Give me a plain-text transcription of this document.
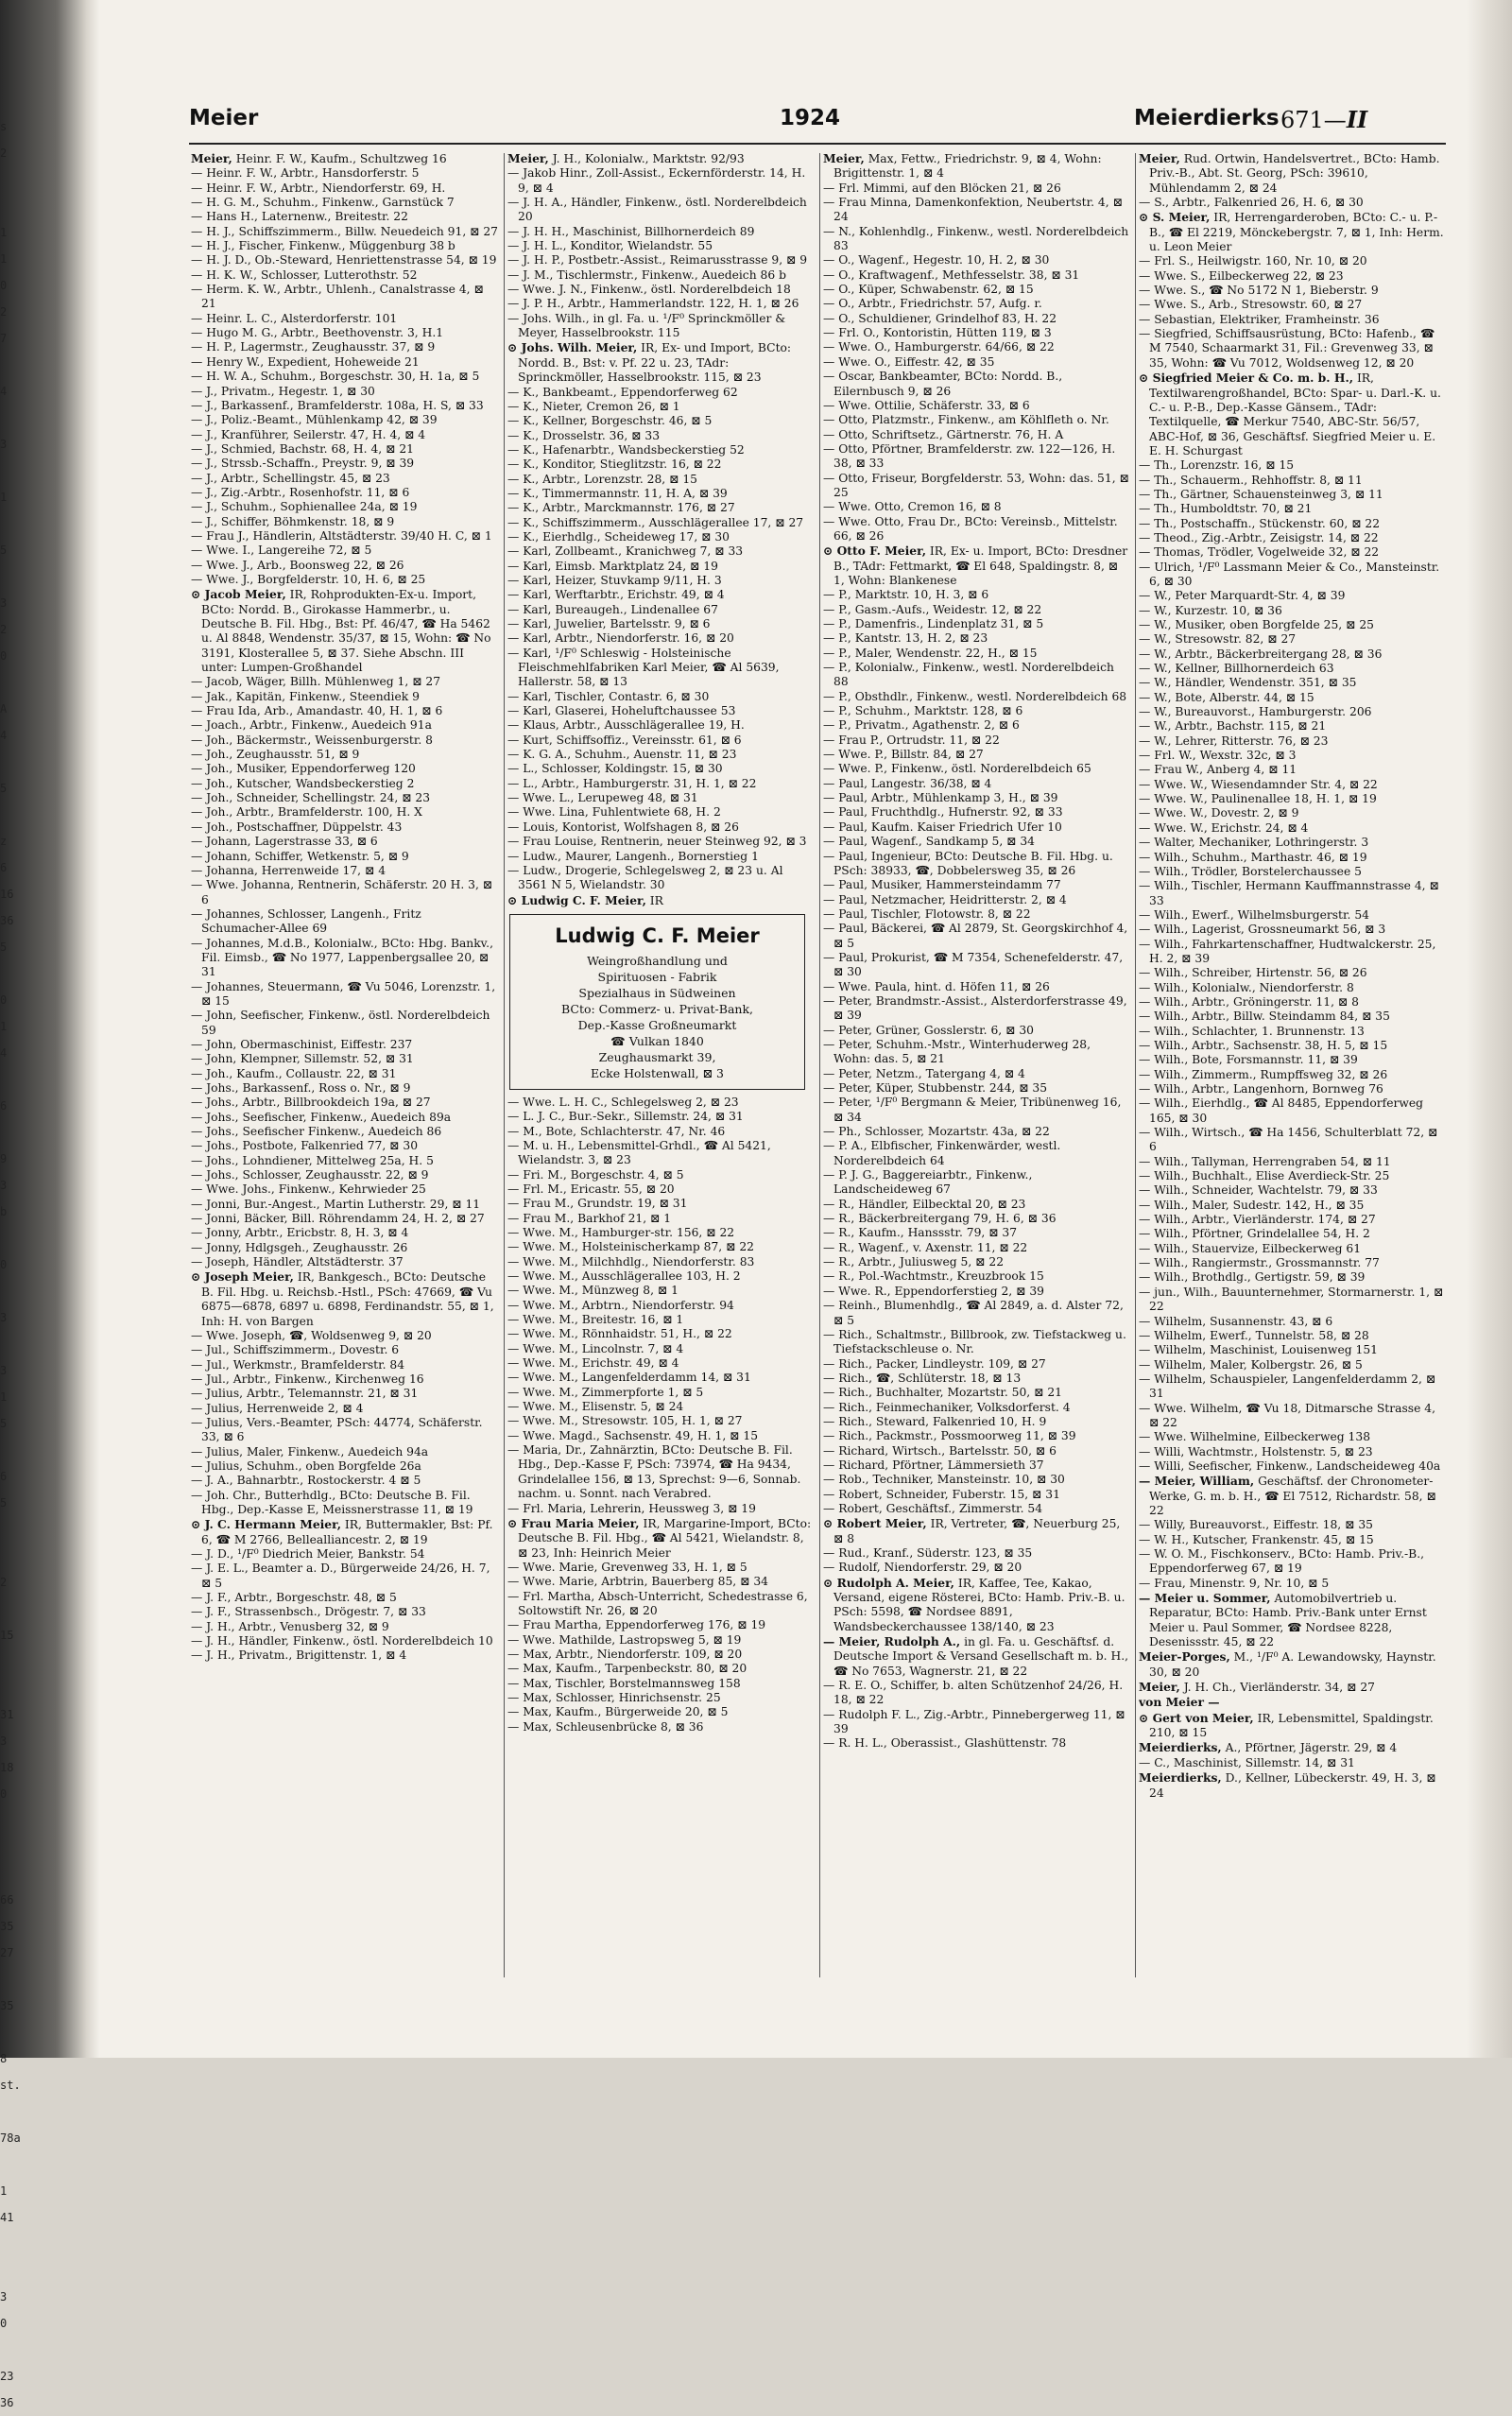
s
2

1
1
0
2
7

4

3

1

5

3
2
0

A
4

5

z
6
16
36
5

0
1
4

6

9
3
b

0

3

3
1
5

6
5

2

15

31
3
18
0

66
35
27

35

8
st.

78a

1
41

3
0

23
36
Meier	1924	Meierdierks 671—II

Meier, Heinr. F. W., Kaufm., Schultzweg 16

— Heinr. F. W., Arbtr., Hansdorferstr. 5

— Heinr. F. W., Arbtr., Niendorferstr. 69, H.

— H. G. M., Schuhm., Finkenw., Garnstück 7

— Hans H., Laternenw., Breitestr. 22

— H. J., Schiffszimmerm., Billw. Neuedeich 91, ⊠ 27

— H. J., Fischer, Finkenw., Müggenburg 38 b

— H. J. D., Ob.-Steward, Henriettenstrasse 54, ⊠ 19

— H. K. W., Schlosser, Lutterothstr. 52

— Herm. K. W., Arbtr., Uhlenh., Canalstrasse 4, ⊠ 21

— Heinr. L. C., Alsterdorferstr. 101

— Hugo M. G., Arbtr., Beethovenstr. 3, H.1

— H. P., Lagermstr., Zeughausstr. 37, ⊠ 9

— Henry W., Expedient, Hoheweide 21

— H. W. A., Schuhm., Borgeschstr. 30, H. 1a, ⊠ 5

— J., Privatm., Hegestr. 1, ⊠ 30

— J., Barkassenf., Bramfelderstr. 108a, H. S, ⊠ 33

— J., Poliz.-Beamt., Mühlenkamp 42, ⊠ 39

— J., Kranführer, Seilerstr. 47, H. 4, ⊠ 4

— J., Schmied, Bachstr. 68, H. 4, ⊠ 21

— J., Strssb.-Schaffn., Preystr. 9, ⊠ 39

— J., Arbtr., Schellingstr. 45, ⊠ 23

— J., Zig.-Arbtr., Rosenhofstr. 11, ⊠ 6

— J., Schuhm., Sophienallee 24a, ⊠ 19

— J., Schiffer, Böhmkenstr. 18, ⊠ 9

— Frau J., Händlerin, Altstädterstr. 39/40 H. C, ⊠ 1

— Wwe. I., Langereihe 72, ⊠ 5

— Wwe. J., Arb., Boonsweg 22, ⊠ 26

— Wwe. J., Borgfelderstr. 10, H. 6, ⊠ 25

⊙ Jacob Meier, IR, Rohprodukten-Ex-u. Import, BCto: Nordd. B., Girokasse Hammerbr., u. Deutsche B. Fil. Hbg., Bst: Pf. 46/47, ☎ Ha 5462 u. Al 8848, Wendenstr. 35/37, ⊠ 15, Wohn: ☎ No 3191, Klosterallee 5, ⊠ 37. Siehe Abschn. III unter: Lumpen-Großhandel

— Jacob, Wäger, Billh. Mühlenweg 1, ⊠ 27

— Jak., Kapitän, Finkenw., Steendiek 9

— Frau Ida, Arb., Amandastr. 40, H. 1, ⊠ 6

— Joach., Arbtr., Finkenw., Auedeich 91a

— Joh., Bäckermstr., Weissenburgerstr. 8

— Joh., Zeughausstr. 51, ⊠ 9

— Joh., Musiker, Eppendorferweg 120

— Joh., Kutscher, Wandsbeckerstieg 2

— Joh., Schneider, Schellingstr. 24, ⊠ 23

— Joh., Arbtr., Bramfelderstr. 100, H. X

— Joh., Postschaffner, Düppelstr. 43

— Johann, Lagerstrasse 33, ⊠ 6

— Johann, Schiffer, Wetkenstr. 5, ⊠ 9

— Johanna, Herrenweide 17, ⊠ 4

— Wwe. Johanna, Rentnerin, Schäferstr. 20 H. 3, ⊠ 6

— Johannes, Schlosser, Langenh., Fritz Schumacher-Allee 69

— Johannes, M.d.B., Kolonialw., BCto: Hbg. Bankv., Fil. Eimsb., ☎ No 1977, Lappenbergsallee 20, ⊠ 31

— Johannes, Steuermann, ☎ Vu 5046, Lorenzstr. 1, ⊠ 15

— John, Seefischer, Finkenw., östl. Norderelbdeich 59

— John, Obermaschinist, Eiffestr. 237

— John, Klempner, Sillemstr. 52, ⊠ 31

— Joh., Kaufm., Collaustr. 22, ⊠ 31

— Johs., Barkassenf., Ross o. Nr., ⊠ 9

— Johs., Arbtr., Billbrookdeich 19a, ⊠ 27

— Johs., Seefischer, Finkenw., Auedeich 89a

— Johs., Seefischer Finkenw., Auedeich 86

— Johs., Postbote, Falkenried 77, ⊠ 30

— Johs., Lohndiener, Mittelweg 25a, H. 5

— Johs., Schlosser, Zeughausstr. 22, ⊠ 9

— Wwe. Johs., Finkenw., Kehrwieder 25

— Jonni, Bur.-Angest., Martin Lutherstr. 29, ⊠ 11

— Jonni, Bäcker, Bill. Röhrendamm 24, H. 2, ⊠ 27

— Jonny, Arbtr., Ericbstr. 8, H. 3, ⊠ 4

— Jonny, Hdlgsgeh., Zeughausstr. 26

— Joseph, Händler, Altstädterstr. 37

⊙ Joseph Meier, IR, Bankgesch., BCto: Deutsche B. Fil. Hbg. u. Reichsb.-Hstl., PSch: 47669, ☎ Vu 6875—6878, 6897 u. 6898, Ferdinandstr. 55, ⊠ 1, Inh: H. von Bargen

— Wwe. Joseph, ☎, Woldsenweg 9, ⊠ 20

— Jul., Schiffszimmerm., Dovestr. 6

— Jul., Werkmstr., Bramfelderstr. 84

— Jul., Arbtr., Finkenw., Kirchenweg 16

— Julius, Arbtr., Telemannstr. 21, ⊠ 31

— Julius, Herrenweide 2, ⊠ 4

— Julius, Vers.-Beamter, PSch: 44774, Schäferstr. 33, ⊠ 6

— Julius, Maler, Finkenw., Auedeich 94a

— Julius, Schuhm., oben Borgfelde 26a

— J. A., Bahnarbtr., Rostockerstr. 4 ⊠ 5

— Joh. Chr., Butterhdlg., BCto: Deutsche B. Fil. Hbg., Dep.-Kasse E, Meissnerstrasse 11, ⊠ 19

⊙ J. C. Hermann Meier, IR, Buttermakler, Bst: Pf. 6, ☎ M 2766, Bellealliancestr. 2, ⊠ 19

— J. D., ¹/F⁰ Diedrich Meier, Bankstr. 54

— J. E. L., Beamter a. D., Bürgerweide 24/26, H. 7, ⊠ 5

— J. F., Arbtr., Borgeschstr. 48, ⊠ 5

— J. F., Strassenbsch., Drögestr. 7, ⊠ 33

— J. H., Arbtr., Venusberg 32, ⊠ 9

— J. H., Händler, Finkenw., östl. Norderelbdeich 10

— J. H., Privatm., Brigittenstr. 1, ⊠ 4

Meier, J. H., Kolonialw., Marktstr. 92/93

— Jakob Hinr., Zoll-Assist., Eckernförderstr. 14, H. 9, ⊠ 4

— J. H. A., Händler, Finkenw., östl. Norderelbdeich 20

— J. H. H., Maschinist, Billhornerdeich 89

— J. H. L., Konditor, Wielandstr. 55

— J. H. P., Postbetr.-Assist., Reimarusstrasse 9, ⊠ 9

— J. M., Tischlermstr., Finkenw., Auedeich 86 b

— Wwe. J. N., Finkenw., östl. Norderelbdeich 18

— J. P. H., Arbtr., Hammerlandstr. 122, H. 1, ⊠ 26

— Johs. Wilh., in gl. Fa. u. ¹/F⁰ Sprinckmöller & Meyer, Hasselbrookstr. 115

⊙ Johs. Wilh. Meier, IR, Ex- und Import, BCto: Nordd. B., Bst: v. Pf. 22 u. 23, TAdr: Sprinckmöller, Hasselbrookstr. 115, ⊠ 23

— K., Bankbeamt., Eppendorferweg 62

— K., Nieter, Cremon 26, ⊠ 1

— K., Kellner, Borgeschstr. 46, ⊠ 5

— K., Drosselstr. 36, ⊠ 33

— K., Hafenarbtr., Wandsbeckerstieg 52

— K., Konditor, Stieglitzstr. 16, ⊠ 22

— K., Arbtr., Lorenzstr. 28, ⊠ 15

— K., Timmermannstr. 11, H. A, ⊠ 39

— K., Arbtr., Marckmannstr. 176, ⊠ 27

— K., Schiffszimmerm., Ausschlägerallee 17, ⊠ 27

— K., Eierhdlg., Scheideweg 17, ⊠ 30

— Karl, Zollbeamt., Kranichweg 7, ⊠ 33

— Karl, Eimsb. Marktplatz 24, ⊠ 19

— Karl, Heizer, Stuvkamp 9/11, H. 3

— Karl, Werftarbtr., Erichstr. 49, ⊠ 4

— Karl, Bureaugeh., Lindenallee 67

— Karl, Juwelier, Bartelsstr. 9, ⊠ 6

— Karl, Arbtr., Niendorferstr. 16, ⊠ 20

— Karl, ¹/F⁰ Schleswig - Holsteinische Fleischmehlfabriken Karl Meier, ☎ Al 5639, Hallerstr. 58, ⊠ 13

— Karl, Tischler, Contastr. 6, ⊠ 30

— Karl, Glaserei, Hoheluftchaussee 53

— Klaus, Arbtr., Ausschlägerallee 19, H.

— Kurt, Schiffsoffiz., Vereinsstr. 61, ⊠ 6

— K. G. A., Schuhm., Auenstr. 11, ⊠ 23

— L., Schlosser, Koldingstr. 15, ⊠ 30

— L., Arbtr., Hamburgerstr. 31, H. 1, ⊠ 22

— Wwe. L., Lerupeweg 48, ⊠ 31

— Wwe. Lina, Fuhlentwiete 68, H. 2

— Louis, Kontorist, Wolfshagen 8, ⊠ 26

— Frau Louise, Rentnerin, neuer Steinweg 92, ⊠ 3

— Ludw., Maurer, Langenh., Bornerstieg 1

— Ludw., Drogerie, Schlegelsweg 2, ⊠ 23 u. Al 3561 N 5, Wielandstr. 30

⊙ Ludwig C. F. Meier, IR

Ludwig C. F. Meier
Weingroßhandlung und
Spirituosen - Fabrik
Spezialhaus in Südweinen
BCto: Commerz- u. Privat-Bank,
Dep.-Kasse Großneumarkt
☎ Vulkan 1840
Zeughausmarkt 39,
Ecke Holstenwall, ⊠ 3

— Wwe. L. H. C., Schlegelsweg 2, ⊠ 23

— L. J. C., Bur.-Sekr., Sillemstr. 24, ⊠ 31

— M., Bote, Schlachterstr. 47, Nr. 46

— M. u. H., Lebensmittel-Grhdl., ☎ Al 5421, Wielandstr. 3, ⊠ 23

— Fri. M., Borgeschstr. 4, ⊠ 5

— Frl. M., Ericastr. 55, ⊠ 20

— Frau M., Grundstr. 19, ⊠ 31

— Frau M., Barkhof 21, ⊠ 1

— Wwe. M., Hamburger-str. 156, ⊠ 22

— Wwe. M., Holsteinischerkamp 87, ⊠ 22

— Wwe. M., Milchhdlg., Niendorferstr. 83

— Wwe. M., Ausschlägerallee 103, H. 2

— Wwe. M., Münzweg 8, ⊠ 1

— Wwe. M., Arbtrn., Niendorferstr. 94

— Wwe. M., Breitestr. 16, ⊠ 1

— Wwe. M., Rönnhaidstr. 51, H., ⊠ 22

— Wwe. M., Lincolnstr. 7, ⊠ 4

— Wwe. M., Erichstr. 49, ⊠ 4

— Wwe. M., Langenfelderdamm 14, ⊠ 31

— Wwe. M., Zimmerpforte 1, ⊠ 5

— Wwe. M., Elisenstr. 5, ⊠ 24

— Wwe. M., Stresowstr. 105, H. 1, ⊠ 27

— Wwe. Magd., Sachsenstr. 49, H. 1, ⊠ 15

— Maria, Dr., Zahnärztin, BCto: Deutsche B. Fil. Hbg., Dep.-Kasse F, PSch: 73974, ☎ Ha 9434, Grindelallee 156, ⊠ 13, Sprechst: 9—6, Sonnab. nachm. u. Sonnt. nach Verabred.

— Frl. Maria, Lehrerin, Heussweg 3, ⊠ 19

⊙ Frau Maria Meier, IR, Margarine-Import, BCto: Deutsche B. Fil. Hbg., ☎ Al 5421, Wielandstr. 8, ⊠ 23, Inh: Heinrich Meier

— Wwe. Marie, Grevenweg 33, H. 1, ⊠ 5

— Wwe. Marie, Arbtrin, Bauerberg 85, ⊠ 34

— Frl. Martha, Absch-Unterricht, Schedestrasse 6, Soltowstift Nr. 26, ⊠ 20

— Frau Martha, Eppendorferweg 176, ⊠ 19

— Wwe. Mathilde, Lastropsweg 5, ⊠ 19

— Max, Arbtr., Niendorferstr. 109, ⊠ 20

— Max, Kaufm., Tarpenbeckstr. 80, ⊠ 20

— Max, Tischler, Borstelmannsweg 158

— Max, Schlosser, Hinrichsenstr. 25

— Max, Kaufm., Bürgerweide 20, ⊠ 5

— Max, Schleusenbrücke 8, ⊠ 36

Meier, Max, Fettw., Friedrichstr. 9, ⊠ 4, Wohn: Brigittenstr. 1, ⊠ 4

— Frl. Mimmi, auf den Blöcken 21, ⊠ 26

— Frau Minna, Damenkonfektion, Neubertstr. 4, ⊠ 24

— N., Kohlenhdlg., Finkenw., westl. Norderelbdeich 83

— O., Wagenf., Hegestr. 10, H. 2, ⊠ 30

— O., Kraftwagenf., Methfesselstr. 38, ⊠ 31

— O., Küper, Schwabenstr. 62, ⊠ 15

— O., Arbtr., Friedrichstr. 57, Aufg. r.

— O., Schuldiener, Grindelhof 83, H. 22

— Frl. O., Kontoristin, Hütten 119, ⊠ 3

— Wwe. O., Hamburgerstr. 64/66, ⊠ 22

— Wwe. O., Eiffestr. 42, ⊠ 35

— Oscar, Bankbeamter, BCto: Nordd. B., Eilernbusch 9, ⊠ 26

— Wwe. Ottilie, Schäferstr. 33, ⊠ 6

— Otto, Platzmstr., Finkenw., am Köhlfleth o. Nr.

— Otto, Schriftsetz., Gärtnerstr. 76, H. A

— Otto, Pförtner, Bramfelderstr. zw. 122—126, H. 38, ⊠ 33

— Otto, Friseur, Borgfelderstr. 53, Wohn: das. 51, ⊠ 25

— Wwe. Otto, Cremon 16, ⊠ 8

— Wwe. Otto, Frau Dr., BCto: Vereinsb., Mittelstr. 66, ⊠ 26

⊙ Otto F. Meier, IR, Ex- u. Import, BCto: Dresdner B., TAdr: Fettmarkt, ☎ El 648, Spaldingstr. 8, ⊠ 1, Wohn: Blankenese

— P., Marktstr. 10, H. 3, ⊠ 6

— P., Gasm.-Aufs., Weidestr. 12, ⊠ 22

— P., Damenfris., Lindenplatz 31, ⊠ 5

— P., Kantstr. 13, H. 2, ⊠ 23

— P., Maler, Wendenstr. 22, H., ⊠ 15

— P., Kolonialw., Finkenw., westl. Norderelbdeich 88

— P., Obsthdlr., Finkenw., westl. Norderelbdeich 68

— P., Schuhm., Marktstr. 128, ⊠ 6

— P., Privatm., Agathenstr. 2, ⊠ 6

— Frau P., Ortrudstr. 11, ⊠ 22

— Wwe. P., Billstr. 84, ⊠ 27

— Wwe. P., Finkenw., östl. Norderelbdeich 65

— Paul, Langestr. 36/38, ⊠ 4

— Paul, Arbtr., Mühlenkamp 3, H., ⊠ 39

— Paul, Fruchthdlg., Hufnerstr. 92, ⊠ 33

— Paul, Kaufm. Kaiser Friedrich Ufer 10

— Paul, Wagenf., Sandkamp 5, ⊠ 34

— Paul, Ingenieur, BCto: Deutsche B. Fil. Hbg. u. PSch: 38933, ☎, Dobbelersweg 35, ⊠ 26

— Paul, Musiker, Hammersteindamm 77

— Paul, Netzmacher, Heidritterstr. 2, ⊠ 4

— Paul, Tischler, Flotowstr. 8, ⊠ 22

— Paul, Bäckerei, ☎ Al 2879, St. Georgskirchhof 4, ⊠ 5

— Paul, Prokurist, ☎ M 7354, Schenefelderstr. 47, ⊠ 30

— Wwe. Paula, hint. d. Höfen 11, ⊠ 26

— Peter, Brandmstr.-Assist., Alsterdorferstrasse 49, ⊠ 39

— Peter, Grüner, Gosslerstr. 6, ⊠ 30

— Peter, Schuhm.-Mstr., Winterhuderweg 28, Wohn: das. 5, ⊠ 21

— Peter, Netzm., Tatergang 4, ⊠ 4

— Peter, Küper, Stubbenstr. 244, ⊠ 35

— Peter, ¹/F⁰ Bergmann & Meier, Tribünenweg 16, ⊠ 34

— Ph., Schlosser, Mozartstr. 43a, ⊠ 22

— P. A., Elbfischer, Finkenwärder, westl. Norderelbdeich 64

— P. J. G., Baggereiarbtr., Finkenw., Landscheideweg 67

— R., Händler, Eilbecktal 20, ⊠ 23

— R., Bäckerbreitergang 79, H. 6, ⊠ 36

— R., Kaufm., Hanssstr. 79, ⊠ 37

— R., Wagenf., v. Axenstr. 11, ⊠ 22

— R., Arbtr., Juliusweg 5, ⊠ 22

— R., Pol.-Wachtmstr., Kreuzbrook 15

— Wwe. R., Eppendorferstieg 2, ⊠ 39

— Reinh., Blumenhdlg., ☎ Al 2849, a. d. Alster 72, ⊠ 5

— Rich., Schaltmstr., Billbrook, zw. Tiefstackweg u. Tiefstackschleuse o. Nr.

— Rich., Packer, Lindleystr. 109, ⊠ 27

— Rich., ☎, Schlüterstr. 18, ⊠ 13

— Rich., Buchhalter, Mozartstr. 50, ⊠ 21

— Rich., Feinmechaniker, Volksdorferst. 4

— Rich., Steward, Falkenried 10, H. 9

— Rich., Packmstr., Possmoorweg 11, ⊠ 39

— Richard, Wirtsch., Bartelsstr. 50, ⊠ 6

— Richard, Pförtner, Lämmersieth 37

— Rob., Techniker, Mansteinstr. 10, ⊠ 30

— Robert, Schneider, Fuberstr. 15, ⊠ 31

— Robert, Geschäftsf., Zimmerstr. 54

⊙ Robert Meier, IR, Vertreter, ☎, Neuerburg 25, ⊠ 8

— Rud., Kranf., Süderstr. 123, ⊠ 35

— Rudolf, Niendorferstr. 29, ⊠ 20

⊙ Rudolph A. Meier, IR, Kaffee, Tee, Kakao, Versand, eigene Rösterei, BCto: Hamb. Priv.-B. u. PSch: 5598, ☎ Nordsee 8891, Wandsbeckerchaussee 138/140, ⊠ 23

— Meier, Rudolph A., in gl. Fa. u. Geschäftsf. d. Deutsche Import & Versand Gesellschaft m. b. H., ☎ No 7653, Wagnerstr. 21, ⊠ 22

— R. E. O., Schiffer, b. alten Schützenhof 24/26, H. 18, ⊠ 22

— Rudolph F. L., Zig.-Arbtr., Pinnebergerweg 11, ⊠ 39

— R. H. L., Oberassist., Glashüttenstr. 78

Meier, Rud. Ortwin, Handelsvertret., BCto: Hamb. Priv.-B., Abt. St. Georg, PSch: 39610, Mühlendamm 2, ⊠ 24

— S., Arbtr., Falkenried 26, H. 6, ⊠ 30

⊙ S. Meier, IR, Herrengarderoben, BCto: C.- u. P.-B., ☎ El 2219, Mönckebergstr. 7, ⊠ 1, Inh: Herm. u. Leon Meier

— Frl. S., Heilwigstr. 160, Nr. 10, ⊠ 20

— Wwe. S., Eilbeckerweg 22, ⊠ 23

— Wwe. S., ☎ No 5172 N 1, Bieberstr. 9

— Wwe. S., Arb., Stresowstr. 60, ⊠ 27

— Sebastian, Elektriker, Framheinstr. 36

— Siegfried, Schiffsausrüstung, BCto: Hafenb., ☎ M 7540, Schaarmarkt 31, Fil.: Grevenweg 33, ⊠ 35, Wohn: ☎ Vu 7012, Woldsenweg 12, ⊠ 20

⊙ Siegfried Meier & Co. m. b. H., IR, Textilwarengroßhandel, BCto: Spar- u. Darl.-K. u. C.- u. P.-B., Dep.-Kasse Gänsem., TAdr: Textilquelle, ☎ Merkur 7540, ABC-Str. 56/57, ABC-Hof, ⊠ 36, Geschäftsf. Siegfried Meier u. E. E. H. Schurgast

— Th., Lorenzstr. 16, ⊠ 15

— Th., Schauerm., Rehhoffstr. 8, ⊠ 11

— Th., Gärtner, Schauensteinweg 3, ⊠ 11

— Th., Humboldtstr. 70, ⊠ 21

— Th., Postschaffn., Stückenstr. 60, ⊠ 22

— Theod., Zig.-Arbtr., Zeisigstr. 14, ⊠ 22

— Thomas, Trödler, Vogelweide 32, ⊠ 22

— Ulrich, ¹/F⁰ Lassmann Meier & Co., Mansteinstr. 6, ⊠ 30

— W., Peter Marquardt-Str. 4, ⊠ 39

— W., Kurzestr. 10, ⊠ 36

— W., Musiker, oben Borgfelde 25, ⊠ 25

— W., Stresowstr. 82, ⊠ 27

— W., Arbtr., Bäckerbreitergang 28, ⊠ 36

— W., Kellner, Billhornerdeich 63

— W., Händler, Wendenstr. 351, ⊠ 35

— W., Bote, Alberstr. 44, ⊠ 15

— W., Bureauvorst., Hamburgerstr. 206

— W., Arbtr., Bachstr. 115, ⊠ 21

— W., Lehrer, Ritterstr. 76, ⊠ 23

— Frl. W., Wexstr. 32c, ⊠ 3

— Frau W., Anberg 4, ⊠ 11

— Wwe. W., Wiesendamnder Str. 4, ⊠ 22

— Wwe. W., Paulinenallee 18, H. 1, ⊠ 19

— Wwe. W., Dovestr. 2, ⊠ 9

— Wwe. W., Erichstr. 24, ⊠ 4

— Walter, Mechaniker, Lothringerstr. 3

— Wilh., Schuhm., Marthastr. 46, ⊠ 19

— Wilh., Trödler, Borstelerchaussee 5

— Wilh., Tischler, Hermann Kauffmannstrasse 4, ⊠ 33

— Wilh., Ewerf., Wilhelmsburgerstr. 54

— Wilh., Lagerist, Grossneumarkt 56, ⊠ 3

— Wilh., Fahrkartenschaffner, Hudtwalckerstr. 25, H. 2, ⊠ 39

— Wilh., Schreiber, Hirtenstr. 56, ⊠ 26

— Wilh., Kolonialw., Niendorferstr. 8

— Wilh., Arbtr., Gröningerstr. 11, ⊠ 8

— Wilh., Arbtr., Billw. Steindamm 84, ⊠ 35

— Wilh., Schlachter, 1. Brunnenstr. 13

— Wilh., Arbtr., Sachsenstr. 38, H. 5, ⊠ 15

— Wilh., Bote, Forsmannstr. 11, ⊠ 39

— Wilh., Zimmerm., Rumpffsweg 32, ⊠ 26

— Wilh., Arbtr., Langenhorn, Bornweg 76

— Wilh., Eierhdlg., ☎ Al 8485, Eppendorferweg 165, ⊠ 30

— Wilh., Wirtsch., ☎ Ha 1456, Schulterblatt 72, ⊠ 6

— Wilh., Tallyman, Herrengraben 54, ⊠ 11

— Wilh., Buchhalt., Elise Averdieck-Str. 25

— Wilh., Schneider, Wachtelstr. 79, ⊠ 33

— Wilh., Maler, Sudestr. 142, H., ⊠ 35

— Wilh., Arbtr., Vierländerstr. 174, ⊠ 27

— Wilh., Pförtner, Grindelallee 54, H. 2

— Wilh., Stauervize, Eilbeckerweg 61

— Wilh., Rangiermstr., Grossmannstr. 77

— Wilh., Brothdlg., Gertigstr. 59, ⊠ 39

— jun., Wilh., Bauunternehmer, Stormarnerstr. 1, ⊠ 22

— Wilhelm, Susannenstr. 43, ⊠ 6

— Wilhelm, Ewerf., Tunnelstr. 58, ⊠ 28

— Wilhelm, Maschinist, Louisenweg 151

— Wilhelm, Maler, Kolbergstr. 26, ⊠ 5

— Wilhelm, Schauspieler, Langenfelderdamm 2, ⊠ 31

— Wwe. Wilhelm, ☎ Vu 18, Ditmarsche Strasse 4, ⊠ 22

— Wwe. Wilhelmine, Eilbeckerweg 138

— Willi, Wachtmstr., Holstenstr. 5, ⊠ 23

— Willi, Seefischer, Finkenw., Landscheideweg 40a

— Meier, William, Geschäftsf. der Chronometer-Werke, G. m. b. H., ☎ El 7512, Richardstr. 58, ⊠ 22

— Willy, Bureauvorst., Eiffestr. 18, ⊠ 35

— W. H., Kutscher, Frankenstr. 45, ⊠ 15

— W. O. M., Fischkonserv., BCto: Hamb. Priv.-B., Eppendorferweg 67, ⊠ 19

— Frau, Minenstr. 9, Nr. 10, ⊠ 5

— Meier u. Sommer, Automobilvertrieb u. Reparatur, BCto: Hamb. Priv.-Bank unter Ernst Meier u. Paul Sommer, ☎ Nordsee 8228, Desenissstr. 45, ⊠ 22

Meier-Porges, M., ¹/F⁰ A. Lewandowsky, Haynstr. 30, ⊠ 20

Meier, J. H. Ch., Vierländerstr. 34, ⊠ 27

von Meier —

⊙ Gert von Meier, IR, Lebensmittel, Spaldingstr. 210, ⊠ 15

Meierdierks, A., Pförtner, Jägerstr. 29, ⊠ 4

— C., Maschinist, Sillemstr. 14, ⊠ 31

Meierdierks, D., Kellner, Lübeckerstr. 49, H. 3, ⊠ 24
